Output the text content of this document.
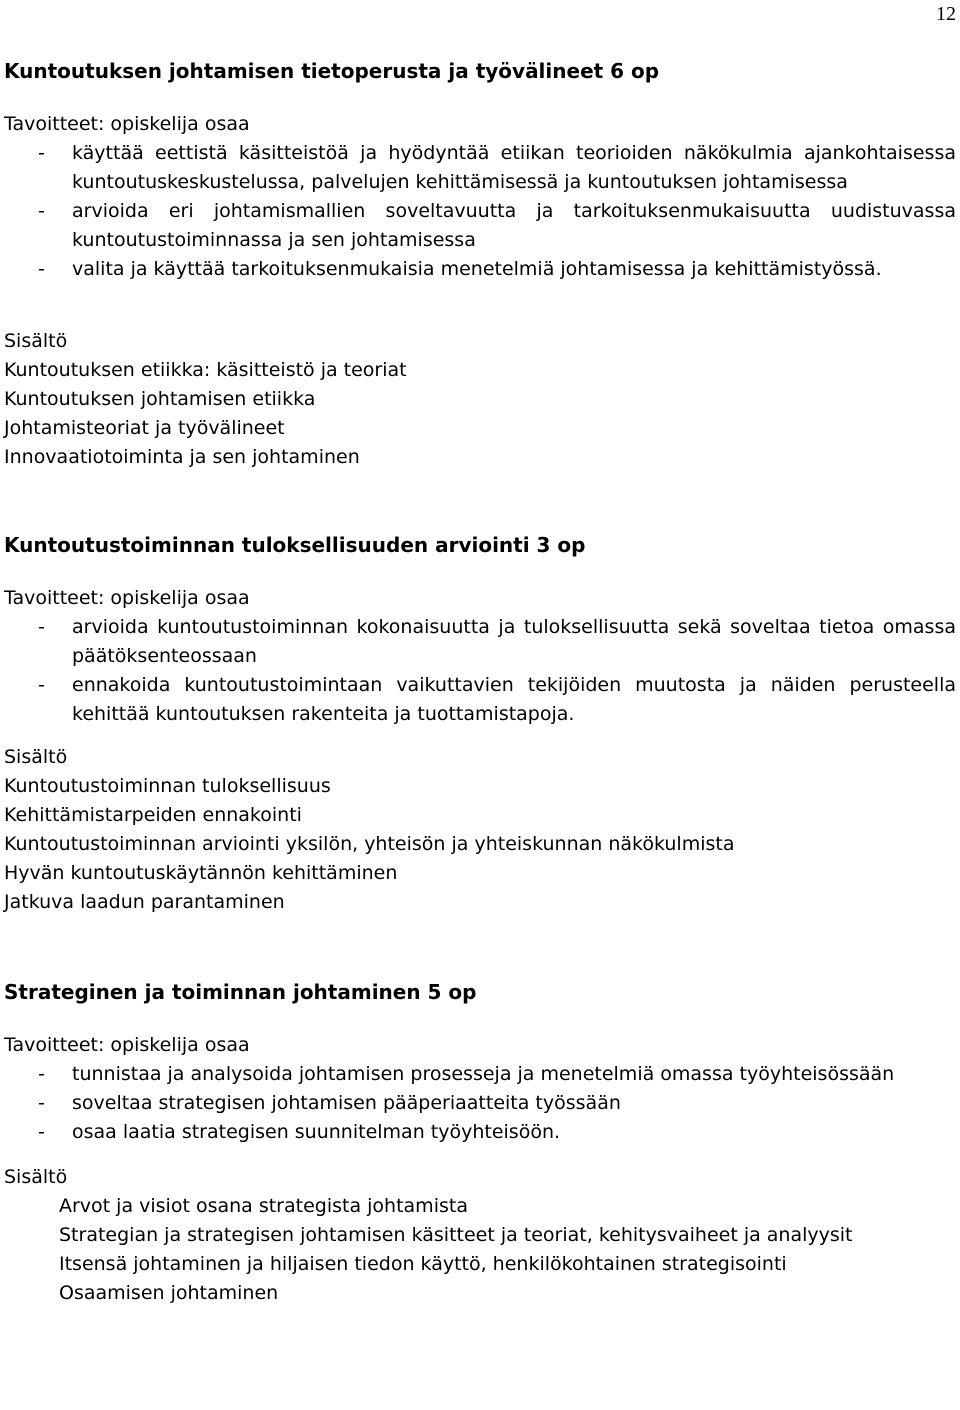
12
Kuntoutuksen johtamisen tietoperusta ja työvälineet 6 op

Tavoitteet: opiskelija osaa

- käyttää eettistä käsitteistöä ja hyödyntää etiikan teorioiden näkökulmia ajankohtaisessa kuntoutuskeskustelussa, palvelujen kehittämisessä ja kuntoutuksen johtamisessa
- arvioida eri johtamismallien soveltavuutta ja tarkoituksenmukaisuutta uudistuvassa kuntoutustoiminnassa ja sen johtamisessa
- valita ja käyttää tarkoituksenmukaisia menetelmiä johtamisessa ja kehittämistyössä.

Sisältö

Kuntoutuksen etiikka: käsitteistö ja teoriat

Kuntoutuksen johtamisen etiikka

Johtamisteoriat ja työvälineet

Innovaatiotoiminta ja sen johtaminen

Kuntoutustoiminnan tuloksellisuuden arviointi 3 op

Tavoitteet: opiskelija osaa

- arvioida kuntoutustoiminnan kokonaisuutta ja tuloksellisuutta sekä soveltaa tietoa omassa päätöksenteossaan
- ennakoida kuntoutustoimintaan vaikuttavien tekijöiden muutosta ja näiden perusteella kehittää kuntoutuksen rakenteita ja tuottamistapoja.

Sisältö

Kuntoutustoiminnan tuloksellisuus

Kehittämistarpeiden ennakointi

Kuntoutustoiminnan arviointi yksilön, yhteisön ja yhteiskunnan näkökulmista

Hyvän kuntoutuskäytännön kehittäminen

Jatkuva laadun parantaminen

Strateginen ja toiminnan johtaminen 5 op

Tavoitteet: opiskelija osaa

- tunnistaa ja analysoida johtamisen prosesseja ja menetelmiä omassa työyhteisössään
- soveltaa strategisen johtamisen pääperiaatteita työssään
- osaa laatia strategisen suunnitelman työyhteisöön.

Sisältö

Arvot ja visiot osana strategista johtamista

Strategian ja strategisen johtamisen käsitteet ja teoriat, kehitysvaiheet ja analyysit

Itsensä johtaminen ja hiljaisen tiedon käyttö, henkilökohtainen strategisointi

Osaamisen johtaminen
